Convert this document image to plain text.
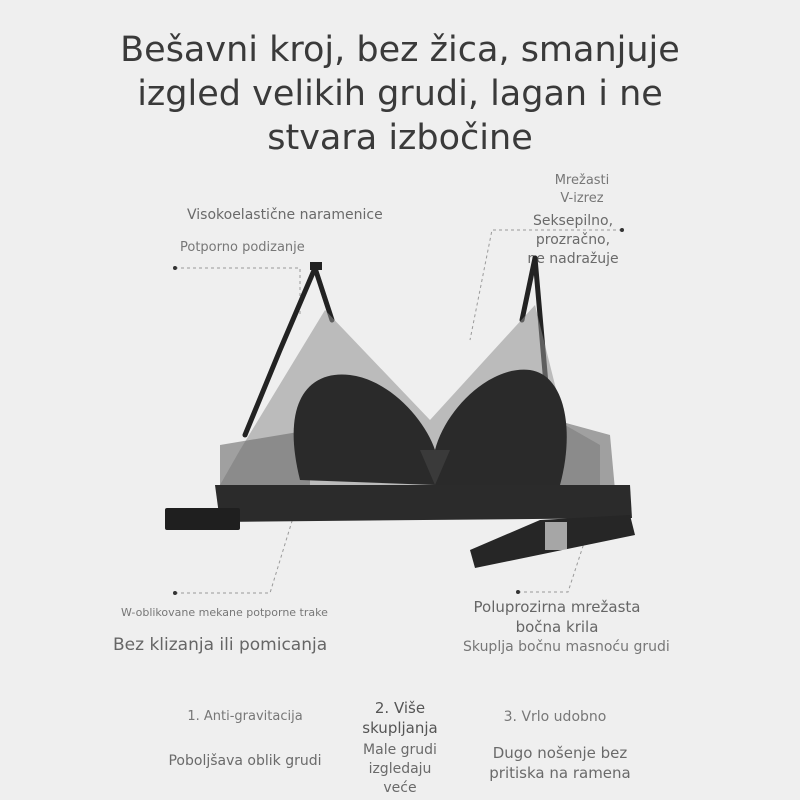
Bešavni kroj, bez žica, smanjuje
izgled velikih grudi, lagan i ne
stvara izbočine
Visokoelastične naramenice
Potporno podizanje
Mrežasti
V-izrez
Seksepilno,
prozračno,
ne nadražuje
W-oblikovane mekane potporne trake
Bez klizanja ili pomicanja
Poluprozirna mrežasta
bočna krila
Skuplja bočnu masnoću grudi
1. Anti-gravitacija
Poboljšava oblik grudi
2. Više
skupljanja
Male grudi
izgledaju
veće
3. Vrlo udobno
Dugo nošenje bez
pritiska na ramena
